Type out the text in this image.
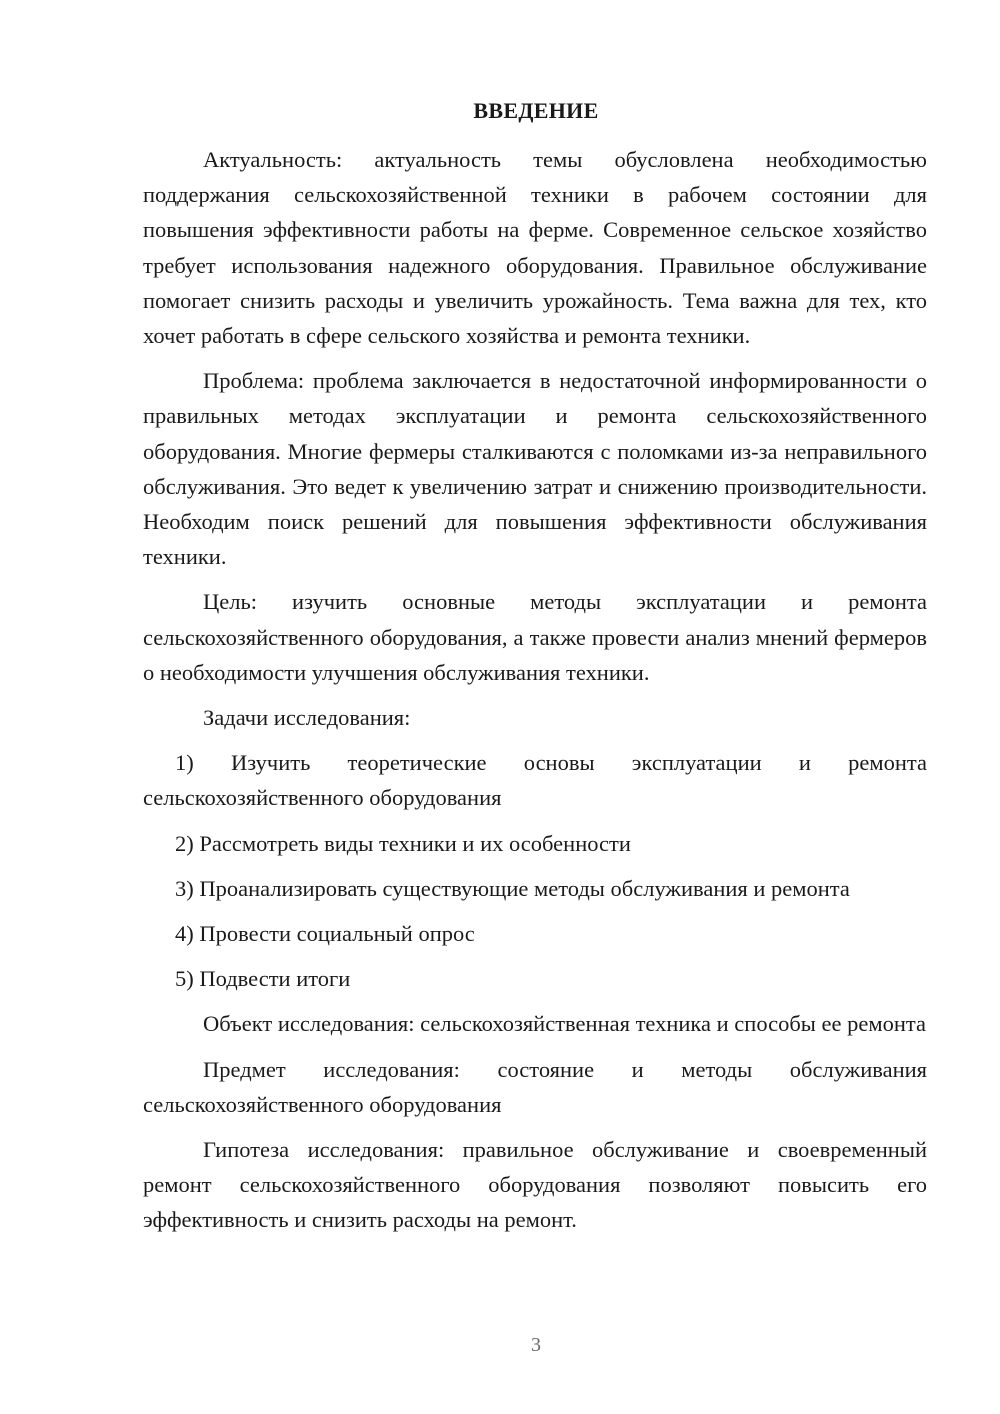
ВВЕДЕНИЕ

Актуальность: актуальность темы обусловлена необходимостью поддержания сельскохозяйственной техники в рабочем состоянии для повышения эффективности работы на ферме. Современное сельское хозяйство требует использования надежного оборудования. Правильное обслуживание помогает снизить расходы и увеличить урожайность. Тема важна для тех, кто хочет работать в сфере сельского хозяйства и ремонта техники.

Проблема: проблема заключается в недостаточной информированности о правильных методах эксплуатации и ремонта сельскохозяйственного оборудования. Многие фермеры сталкиваются с поломками из-за неправильного обслуживания. Это ведет к увеличению затрат и снижению производительности. Необходим поиск решений для повышения эффективности обслуживания техники.

Цель: изучить основные методы эксплуатации и ремонта сельскохозяйственного оборудования, а также провести анализ мнений фермеров о необходимости улучшения обслуживания техники.

Задачи исследования:

1) Изучить теоретические основы эксплуатации и ремонта сельскохозяйственного оборудования

2) Рассмотреть виды техники и их особенности

3) Проанализировать существующие методы обслуживания и ремонта

4) Провести социальный опрос

5) Подвести итоги

Объект исследования: сельскохозяйственная техника и способы ее ремонта

Предмет исследования: состояние и методы обслуживания сельскохозяйственного оборудования

Гипотеза исследования: правильное обслуживание и своевременный ремонт сельскохозяйственного оборудования позволяют повысить его эффективность и снизить расходы на ремонт.

3
